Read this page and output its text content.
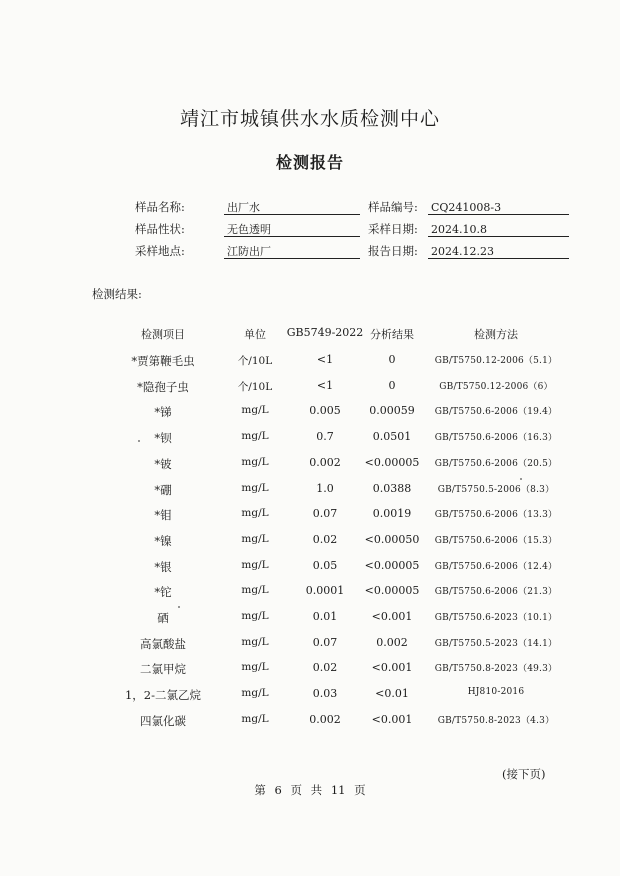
靖江市城镇供水水质检测中心
检测报告
样品名称:	出厂水	样品编号: CQ241008-3
样品性状:	无色透明	采样日期: 2024.10.8
采样地点:	江防出厂	报告日期: 2024.12.23
检测结果:
检测项目	单位	GB5749-2022 分析结果	检测方法
*贾第鞭毛虫	个/10L	<1	0	GB/T5750.12-2006（5.1）
*隐孢子虫	个/10L	<1	0	GB/T5750.12-2006（6）
*锑	mg/L	0.005	0.00059	GB/T5750.6-2006（19.4）
*钡	mg/L	0.7	0.0501	GB/T5750.6-2006（16.3）
*铍	mg/L	0.002	<0.00005	GB/T5750.6-2006（20.5）
*硼	mg/L	1.0	0.0388	GB/T5750.5-2006（8.3）
*钼	mg/L	0.07	0.0019	GB/T5750.6-2006（13.3）
*镍	mg/L	0.02	<0.00050	GB/T5750.6-2006（15.3）
*银	mg/L	0.05	<0.00005	GB/T5750.6-2006（12.4）
*铊	mg/L	0.0001	<0.00005	GB/T5750.6-2006（21.3）
硒	mg/L	0.01	<0.001	GB/T5750.6-2023（10.1）
高氯酸盐	mg/L	0.07	0.002	GB/T5750.5-2023（14.1）
二氯甲烷	mg/L	0.02	<0.001	GB/T5750.8-2023（49.3）
1，2-二氯乙烷	mg/L	0.03	<0.01	HJ810-2016
四氯化碳	mg/L	0.002	<0.001	GB/T5750.8-2023（4.3）
(接下页)
第 6 页 共 11 页
